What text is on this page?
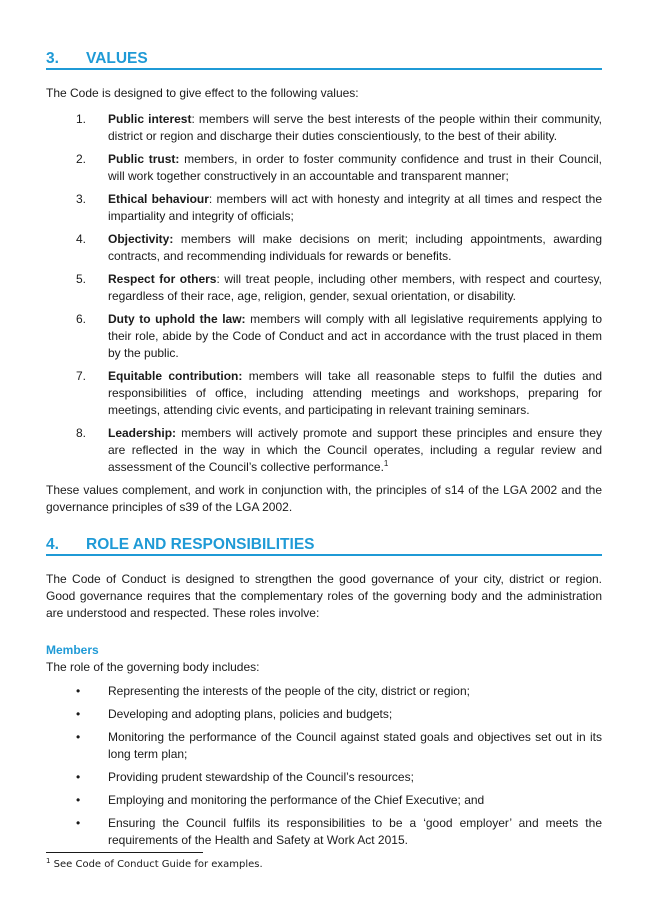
3.	VALUES

The Code is designed to give effect to the following values:

1.	Public interest: members will serve the best interests of the people within their community, district or region and discharge their duties conscientiously, to the best of their ability.
2.	Public trust: members, in order to foster community confidence and trust in their Council, will work together constructively in an accountable and transparent manner;
3.	Ethical behaviour: members will act with honesty and integrity at all times and respect the impartiality and integrity of officials;
4.	Objectivity: members will make decisions on merit; including appointments, awarding contracts, and recommending individuals for rewards or benefits.
5.	Respect for others: will treat people, including other members, with respect and courtesy, regardless of their race, age, religion, gender, sexual orientation, or disability.
6.	Duty to uphold the law: members will comply with all legislative requirements applying to their role, abide by the Code of Conduct and act in accordance with the trust placed in them by the public.
7.	Equitable contribution: members will take all reasonable steps to fulfil the duties and responsibilities of office, including attending meetings and workshops, preparing for meetings, attending civic events, and participating in relevant training seminars.
8.	Leadership: members will actively promote and support these principles and ensure they are reflected in the way in which the Council operates, including a regular review and assessment of the Council’s collective performance.$^1$

These values complement, and work in conjunction with, the principles of s14 of the LGA 2002 and the governance principles of s39 of the LGA 2002.

4.	ROLE AND RESPONSIBILITIES

The Code of Conduct is designed to strengthen the good governance of your city, district or region. Good governance requires that the complementary roles of the governing body and the administration are understood and respected. These roles involve:

Members

The role of the governing body includes:

•	Representing the interests of the people of the city, district or region;
•	Developing and adopting plans, policies and budgets;
•	Monitoring the performance of the Council against stated goals and objectives set out in its long term plan;
•	Providing prudent stewardship of the Council’s resources;
•	Employing and monitoring the performance of the Chief Executive; and
•	Ensuring the Council fulfils its responsibilities to be a ‘good employer’ and meets the requirements of the Health and Safety at Work Act 2015.
$^1$ See Code of Conduct Guide for examples.
